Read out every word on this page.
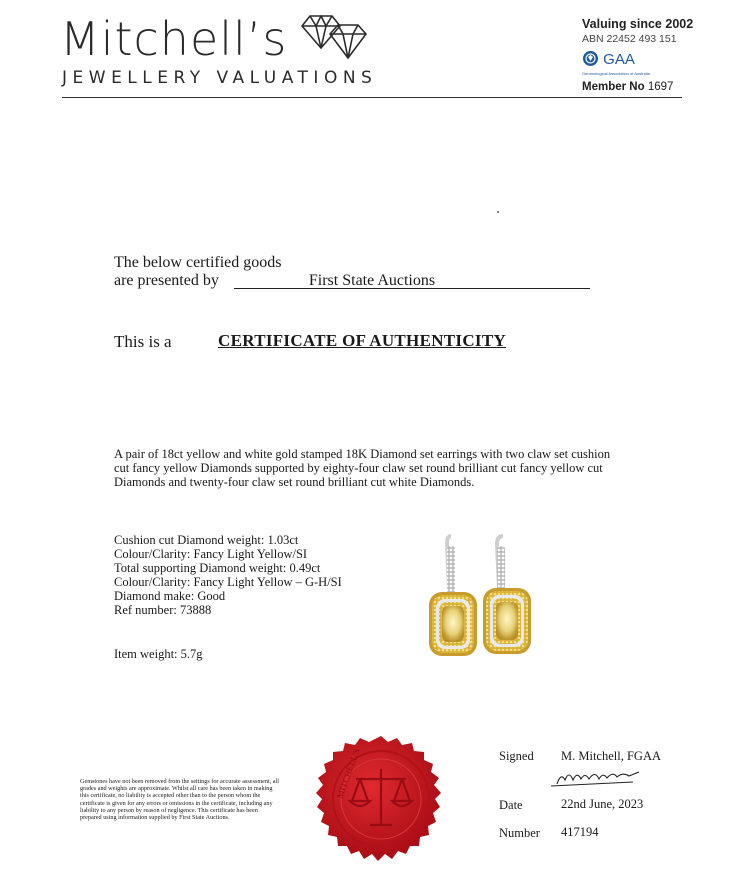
Mitchell’s
JEWELLERY VALUATIONS
Valuing since 2002
ABN 22452 493 151
GAA
Gemmological Association of Australia
Member No 1697
The below certified goods
are presented by	First State Auctions
This is a	CERTIFICATE OF AUTHENTICITY
A pair of 18ct yellow and white gold stamped 18K Diamond set earrings with two claw set cushion cut fancy yellow Diamonds supported by eighty-four claw set round brilliant cut fancy yellow cut Diamonds and twenty-four claw set round brilliant cut white Diamonds.
Cushion cut Diamond weight: 1.03ct
Colour/Clarity: Fancy Light Yellow/SI
Total supporting Diamond weight: 0.49ct
Colour/Clarity: Fancy Light Yellow – G-H/SI
Diamond make: Good
Ref number: 73888
Item weight: 5.7g
Gemstones have not been removed from the settings for accurate assessment, all grades and weights are approximate. Whilst all care has been taken in making this certificate, no liability is accepted other than to the person whom the certificate is given for any errors or omissions in the certificate, including any liability to any person by reason of negligence. This certificate has been prepared using information supplied by First State Auctions.
MITCHELL'S	Signed M. Mitchell, FGAA
Date	22nd June, 2023
Number 417194
